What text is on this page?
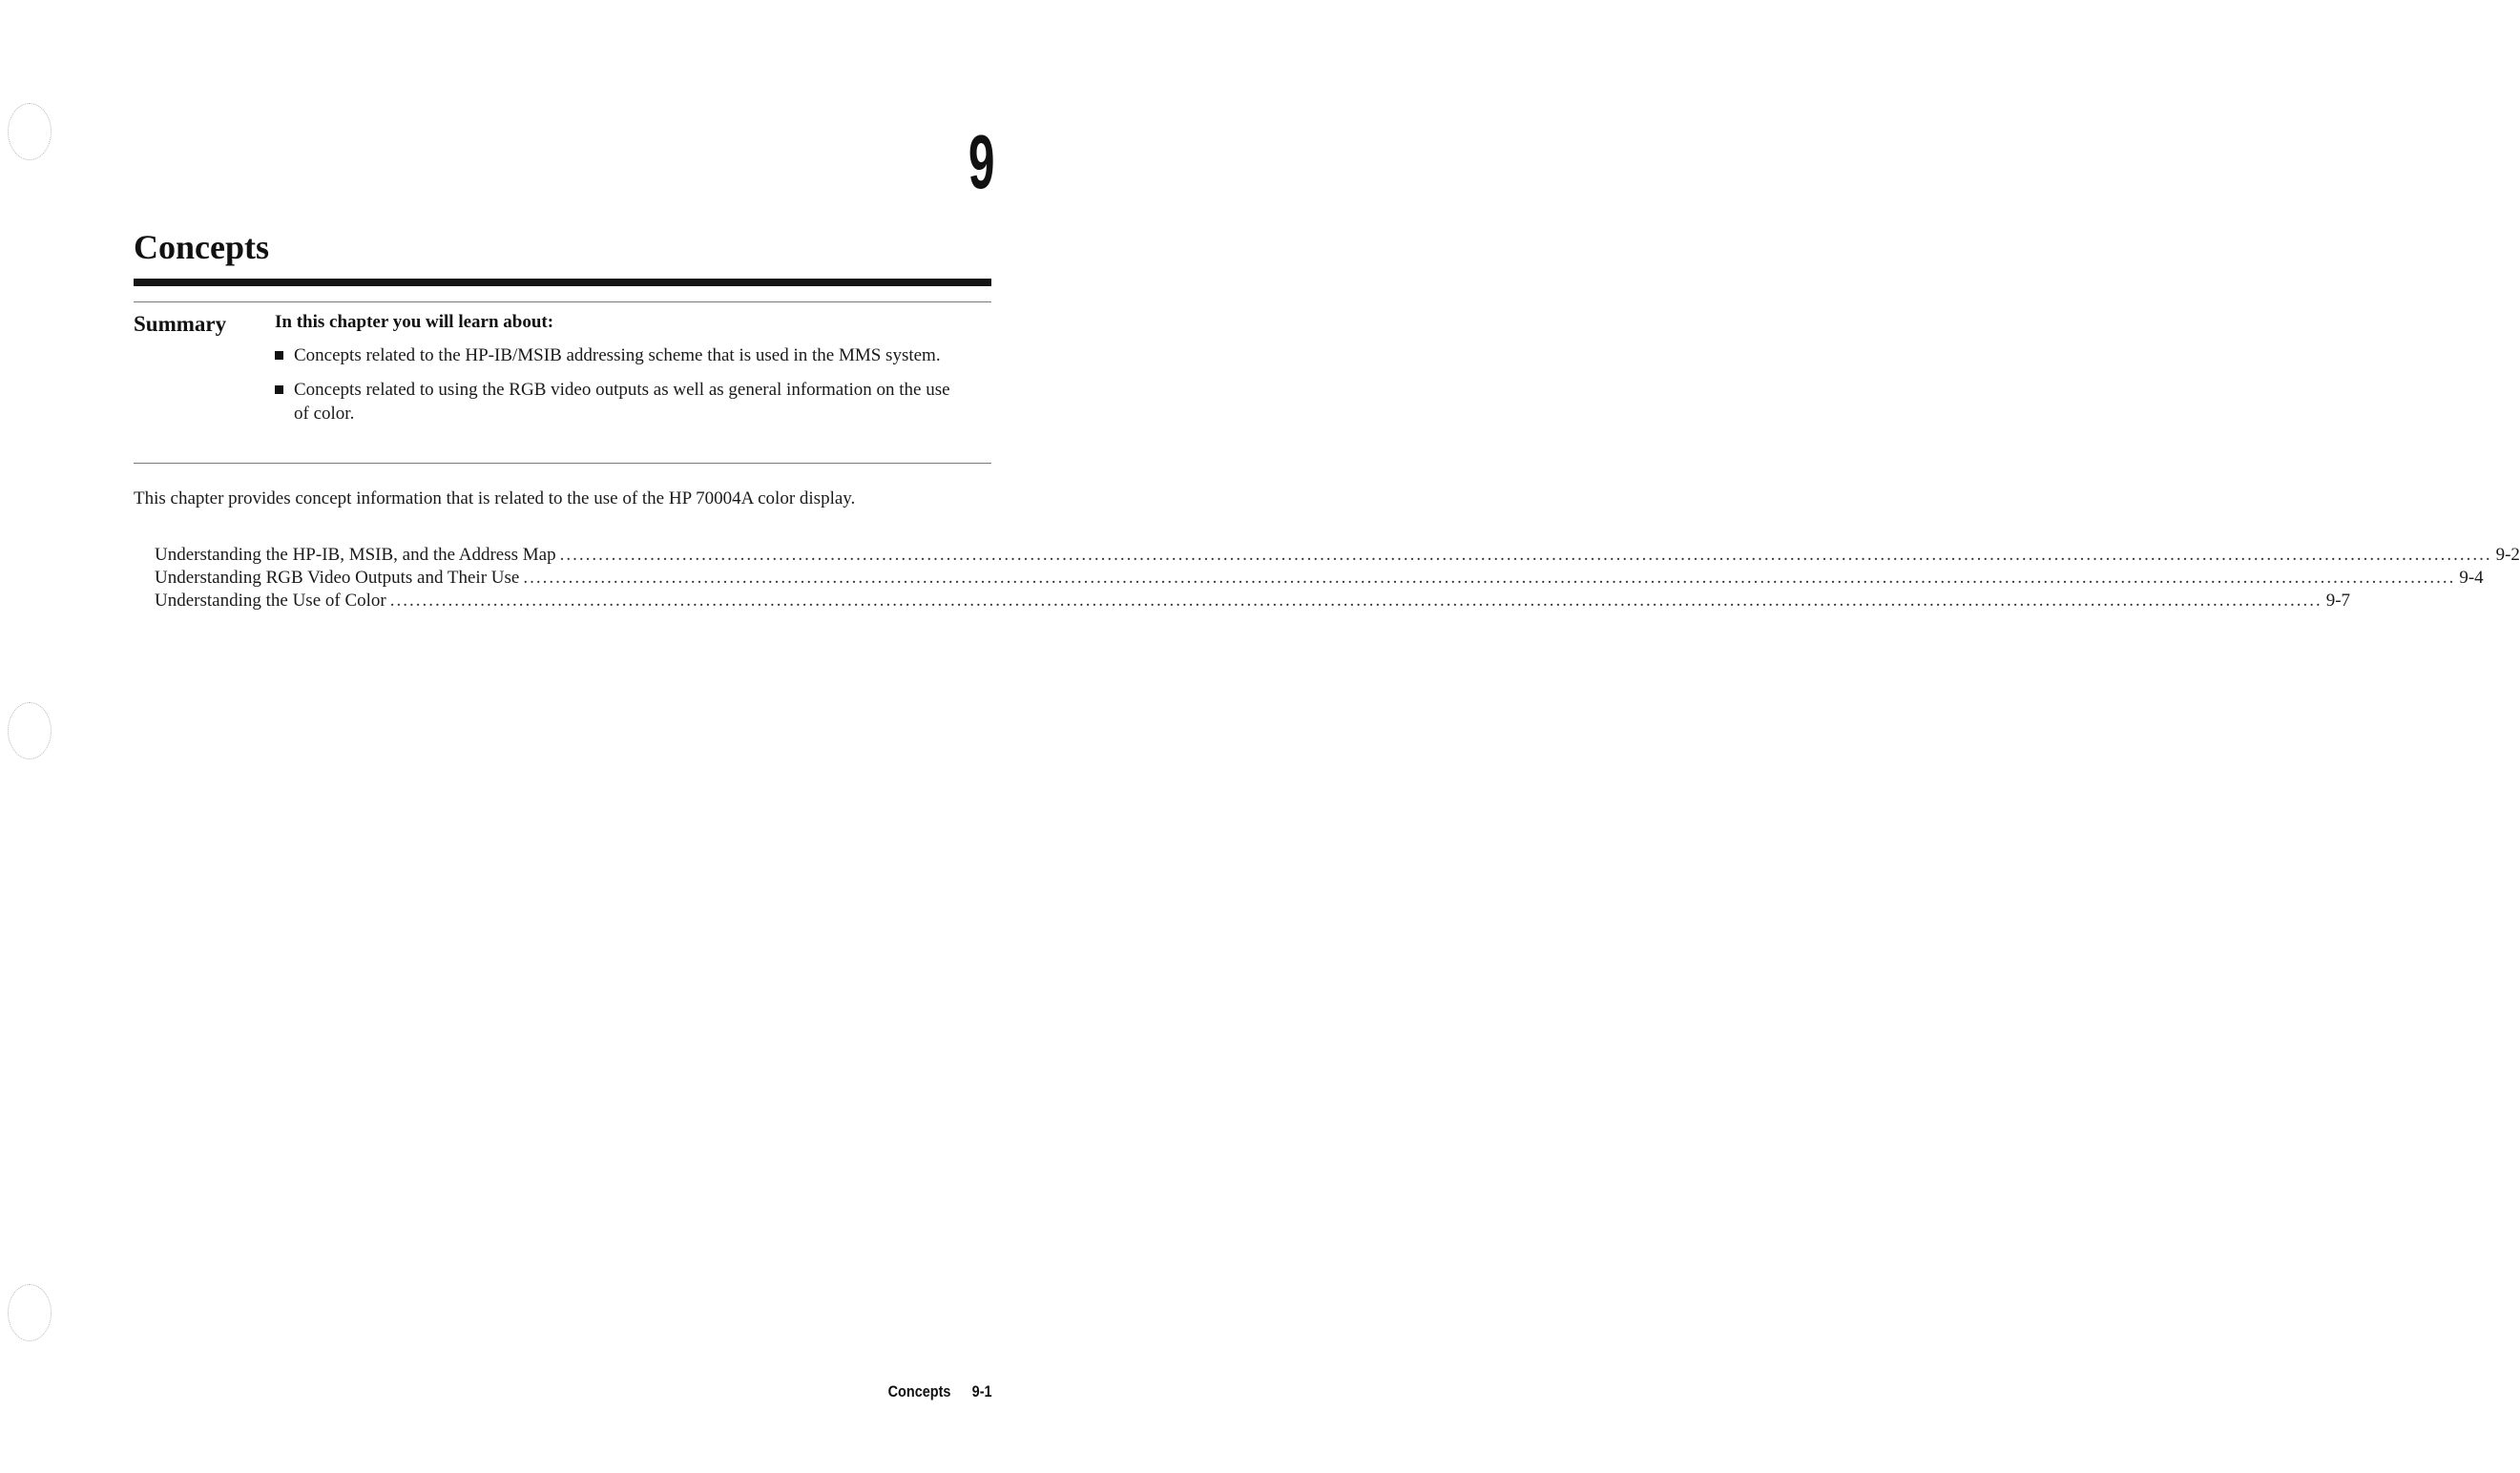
9
Concepts
Summary	In this chapter you will learn about:
Concepts related to the HP-IB/MSIB addressing scheme that is used in the MMS system.
Concepts related to using the RGB video outputs as well as general information on the use of color.

This chapter provides concept information that is related to the use of the HP 70004A color display.

Understanding the HP-IB, MSIB, and the Address Map ............................................................................................................................................................................................................................................................................................................ 9-2
Understanding RGB Video Outputs and Their Use ............................................................................................................................................................................................................................................................................................................ 9-4
Understanding the Use of Color ............................................................................................................................................................................................................................................................................................................ 9-7
Concepts 9-1
